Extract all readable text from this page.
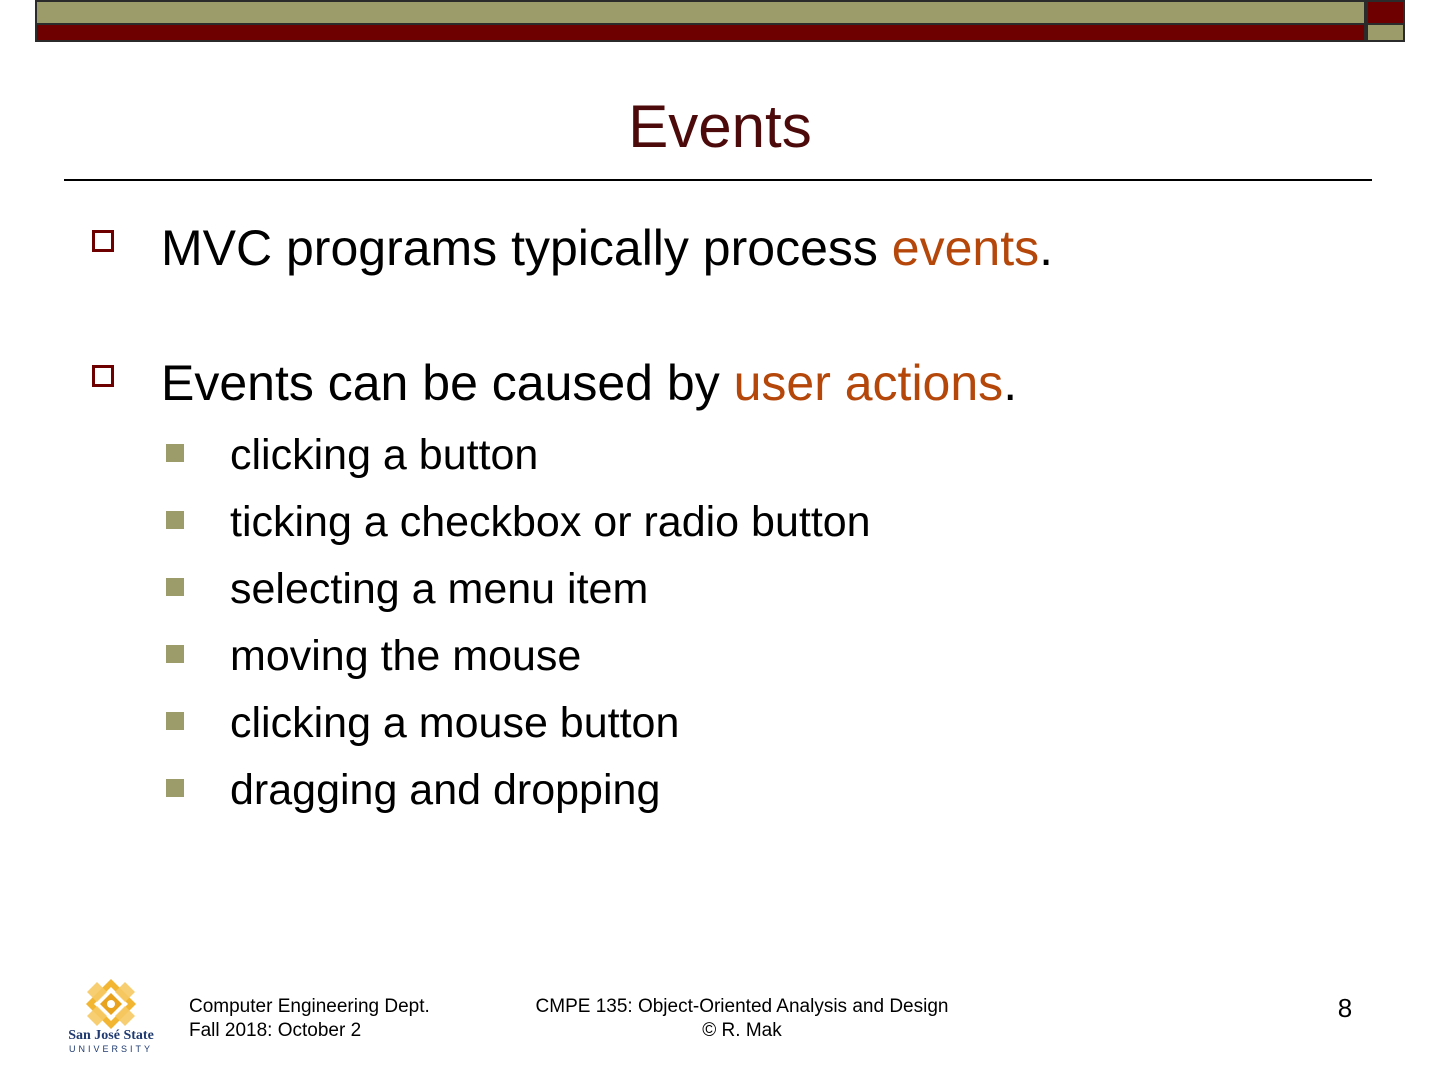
Events
MVC programs typically process events.
Events can be caused by user actions.
clicking a button
ticking a checkbox or radio button
selecting a menu item
moving the mouse
clicking a mouse button
dragging and dropping
San José State
UNIVERSITY
Computer Engineering Dept.
Fall 2018: October 2
CMPE 135: Object-Oriented Analysis and Design
© R. Mak
8
